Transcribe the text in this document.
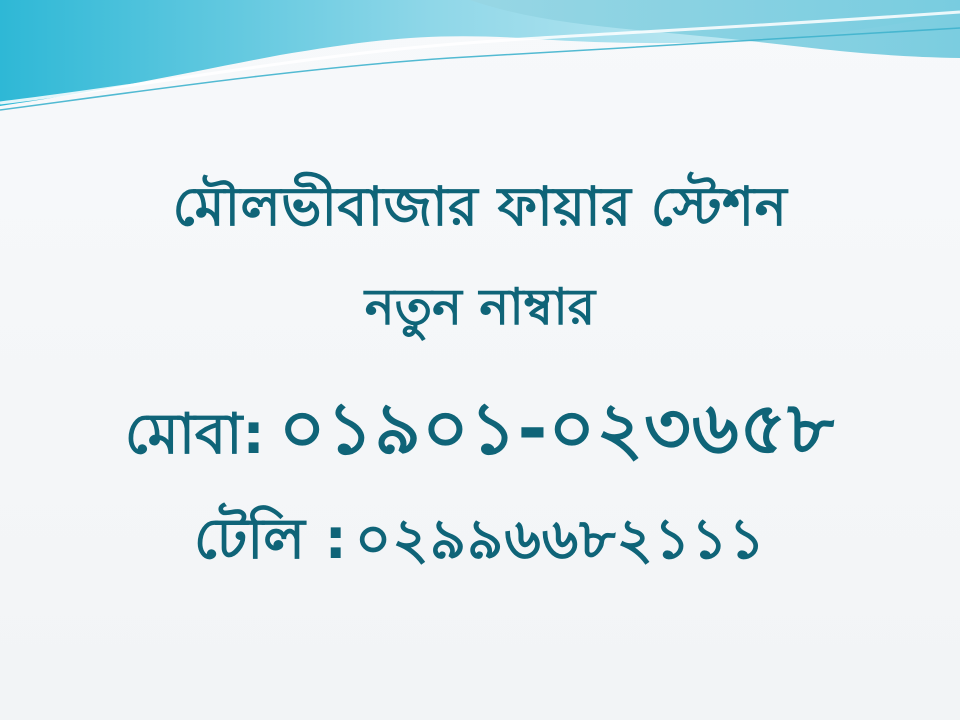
মৌলভীবাজার ফায়ার স্টেশন
নতুন নাম্বার
মোবা: ০১৯০১-০২৩৬৫৮
টেলি : ০২৯৯৬৬৮২১১১
